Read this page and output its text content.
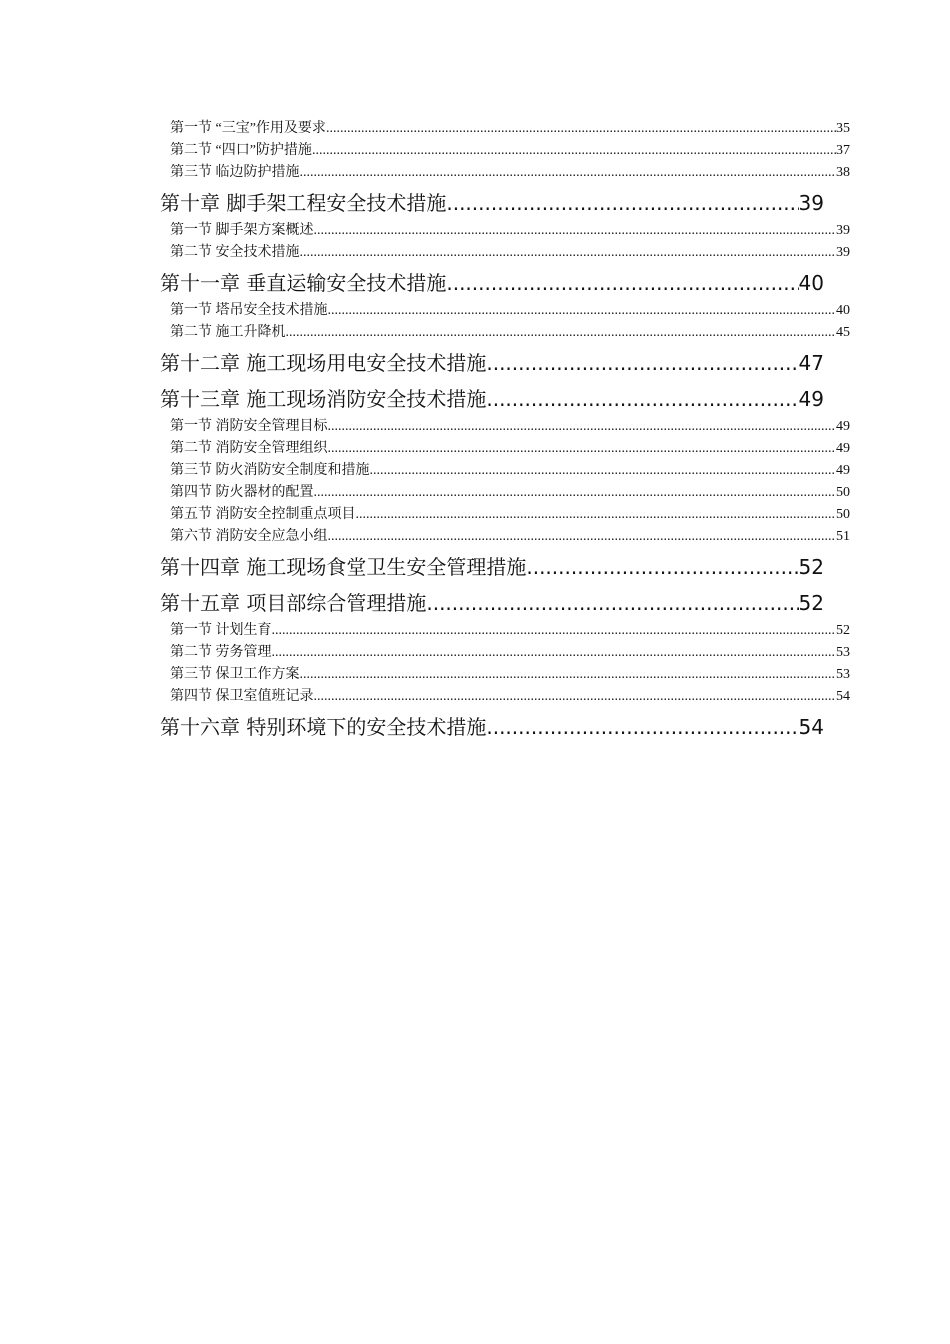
第一节 “三宝”作用及要求 .....	35
第二节 “四口”防护措施 .....	37
第三节 临边防护措施 .....	38
第十章 脚手架工程安全技术措施 .....	39
第一节 脚手架方案概述 .....	39
第二节 安全技术措施 .....	39
第十一章 垂直运输安全技术措施 .....	40
第一节 塔吊安全技术措施 .....	40
第二节 施工升降机 .....	45
第十二章 施工现场用电安全技术措施 .....	47
第十三章 施工现场消防安全技术措施 .....	49
第一节 消防安全管理目标 .....	49
第二节 消防安全管理组织 .....	49
第三节 防火消防安全制度和措施 .....	49
第四节 防火器材的配置 .....	50
第五节 消防安全控制重点项目 .....	50
第六节 消防安全应急小组 .....	51
第十四章 施工现场食堂卫生安全管理措施 .....	52
第十五章 项目部综合管理措施 .....	52
第一节 计划生育 .....	52
第二节 劳务管理 .....	53
第三节 保卫工作方案 .....	53
第四节 保卫室值班记录 .....	54
第十六章 特别环境下的安全技术措施 .....	54
